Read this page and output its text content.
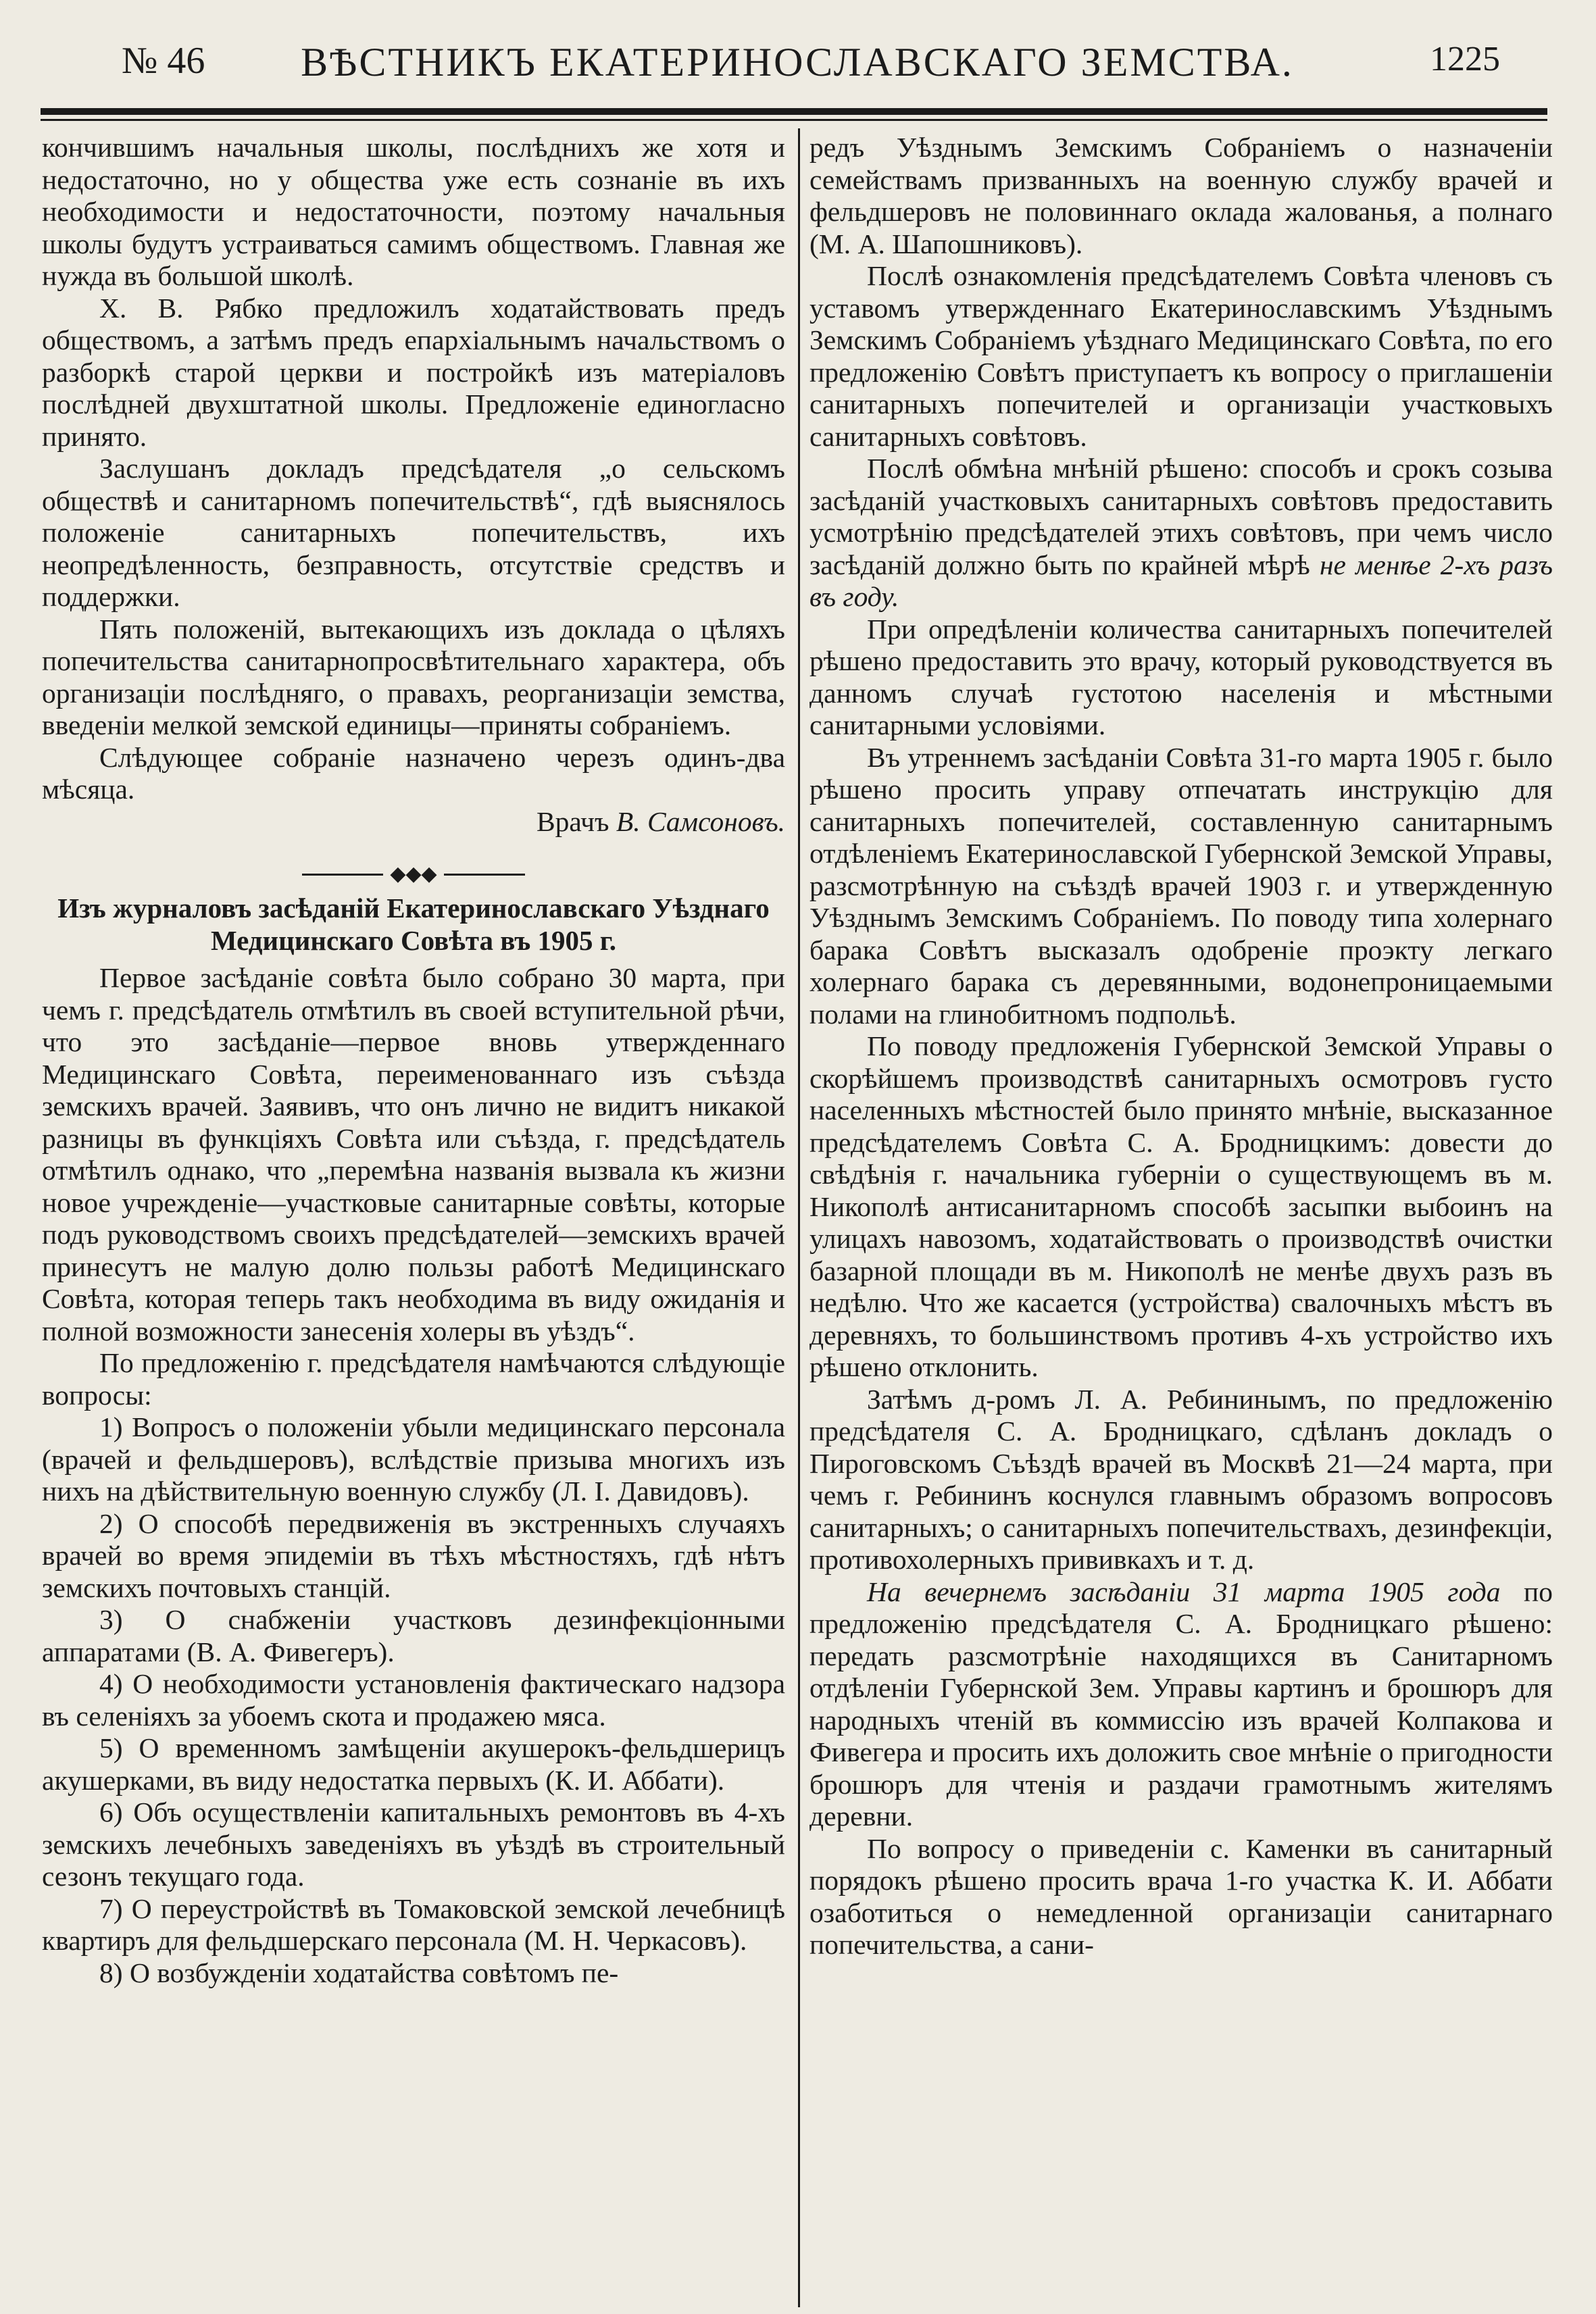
№ 46	ВѢСТНИКЪ ЕКАТЕРИНОСЛАВСКАГО ЗЕМСТВА.	1225

кончившимъ начальныя школы, послѣднихъ же хотя и недостаточно, но у общества уже есть сознаніе въ ихъ необходимости и недостаточности, поэтому начальныя школы будутъ устраиваться самимъ обществомъ. Главная же нужда въ большой школѣ.

Х. В. Рябко предложилъ ходатайствовать предъ обществомъ, а затѣмъ предъ епархіальнымъ начальствомъ о разборкѣ старой церкви и постройкѣ изъ матеріаловъ послѣдней двухштатной школы. Предложеніе единогласно принято.

Заслушанъ докладъ предсѣдателя „о сельскомъ обществѣ и санитарномъ попечительствѣ“, гдѣ выяснялось положеніе санитарныхъ попечительствъ, ихъ неопредѣленность, безправность, отсутствіе средствъ и поддержки.

Пять положеній, вытекающихъ изъ доклада о цѣляхъ попечительства санитарнопросвѣтительнаго характера, объ организаціи послѣдняго, о правахъ, реорганизаціи земства, введеніи мелкой земской единицы—приняты собраніемъ.

Слѣдующее собраніе назначено черезъ одинъ-два мѣсяца.

Врачъ В. Самсоновъ.

◆◆◆
Изъ журналовъ засѣданій Екатеринославскаго Уѣзднаго Медицинскаго Совѣта въ 1905 г.

Первое засѣданіе совѣта было собрано 30 марта, при чемъ г. предсѣдатель отмѣтилъ въ своей вступительной рѣчи, что это засѣданіе—первое вновь утвержденнаго Медицинскаго Совѣта, переименованнаго изъ съѣзда земскихъ врачей. Заявивъ, что онъ лично не видитъ никакой разницы въ функціяхъ Совѣта или съѣзда, г. предсѣдатель отмѣтилъ однако, что „перемѣна названія вызвала къ жизни новое учрежденіе—участковые санитарные совѣты, которые подъ руководствомъ своихъ предсѣдателей—земскихъ врачей принесутъ не малую долю пользы работѣ Медицинскаго Совѣта, которая теперь такъ необходима въ виду ожиданія и полной возможности занесенія холеры въ уѣздъ“.

По предложенію г. предсѣдателя намѣчаются слѣдующіе вопросы:

1) Вопросъ о положеніи убыли медицинскаго персонала (врачей и фельдшеровъ), вслѣдствіе призыва многихъ изъ нихъ на дѣйствительную военную службу (Л. І. Давидовъ).

2) О способѣ передвиженія въ экстренныхъ случаяхъ врачей во время эпидеміи въ тѣхъ мѣстностяхъ, гдѣ нѣтъ земскихъ почтовыхъ станцій.

3) О снабженіи участковъ дезинфекціонными аппаратами (В. А. Фивегеръ).

4) О необходимости установленія фактическаго надзора въ селеніяхъ за убоемъ скота и продажею мяса.

5) О временномъ замѣщеніи акушерокъ-фельдшерицъ акушерками, въ виду недостатка первыхъ (К. И. Аббати).

6) Объ осуществленіи капитальныхъ ремонтовъ въ 4-хъ земскихъ лечебныхъ заведеніяхъ въ уѣздѣ въ строительный сезонъ текущаго года.

7) О переустройствѣ въ Томаковской земской лечебницѣ квартиръ для фельдшерскаго персонала (М. Н. Черкасовъ).

8) О возбужденіи ходатайства совѣтомъ пе-

редъ Уѣзднымъ Земскимъ Собраніемъ о назначеніи семействамъ призванныхъ на военную службу врачей и фельдшеровъ не половиннаго оклада жалованья, а полнаго (М. А. Шапошниковъ).

Послѣ ознакомленія предсѣдателемъ Совѣта членовъ съ уставомъ утвержденнаго Екатеринославскимъ Уѣзднымъ Земскимъ Собраніемъ уѣзднаго Медицинскаго Совѣта, по его предложенію Совѣтъ приступаетъ къ вопросу о приглашеніи санитарныхъ попечителей и организаціи участковыхъ санитарныхъ совѣтовъ.

Послѣ обмѣна мнѣній рѣшено: способъ и срокъ созыва засѣданій участковыхъ санитарныхъ совѣтовъ предоставить усмотрѣнію предсѣдателей этихъ совѣтовъ, при чемъ число засѣданій должно быть по крайней мѣрѣ не менѣе 2-хъ разъ въ году.

При опредѣленіи количества санитарныхъ попечителей рѣшено предоставить это врачу, который руководствуется въ данномъ случаѣ густотою населенія и мѣстными санитарными условіями.

Въ утреннемъ засѣданіи Совѣта 31-го марта 1905 г. было рѣшено просить управу отпечатать инструкцію для санитарныхъ попечителей, составленную санитарнымъ отдѣленіемъ Екатеринославской Губернской Земской Управы, разсмотрѣнную на съѣздѣ врачей 1903 г. и утвержденную Уѣзднымъ Земскимъ Собраніемъ. По поводу типа холернаго барака Совѣтъ высказалъ одобреніе проэкту легкаго холернаго барака съ деревянными, водонепроницаемыми полами на глинобитномъ подпольѣ.

По поводу предложенія Губернской Земской Управы о скорѣйшемъ производствѣ санитарныхъ осмотровъ густо населенныхъ мѣстностей было принято мнѣніе, высказанное предсѣдателемъ Совѣта С. А. Бродницкимъ: довести до свѣдѣнія г. начальника губерніи о существующемъ въ м. Никополѣ антисанитарномъ способѣ засыпки выбоинъ на улицахъ навозомъ, ходатайствовать о производствѣ очистки базарной площади въ м. Никополѣ не менѣе двухъ разъ въ недѣлю. Что же касается (устройства) свалочныхъ мѣстъ въ деревняхъ, то большинствомъ противъ 4-хъ устройство ихъ рѣшено отклонить.

Затѣмъ д-ромъ Л. А. Ребининымъ, по предложенію предсѣдателя С. А. Бродницкаго, сдѣланъ докладъ о Пироговскомъ Съѣздѣ врачей въ Москвѣ 21—24 марта, при чемъ г. Ребининъ коснулся главнымъ образомъ вопросовъ санитарныхъ; о санитарныхъ попечительствахъ, дезинфекціи, противохолерныхъ прививкахъ и т. д.

На вечернемъ засѣданіи 31 марта 1905 года по предложенію предсѣдателя С. А. Бродницкаго рѣшено: передать разсмотрѣніе находящихся въ Санитарномъ отдѣленіи Губернской Зем. Управы картинъ и брошюръ для народныхъ чтеній въ коммиссію изъ врачей Колпакова и Фивегера и просить ихъ доложить свое мнѣніе о пригодности брошюръ для чтенія и раздачи грамотнымъ жителямъ деревни.

По вопросу о приведеніи с. Каменки въ санитарный порядокъ рѣшено просить врача 1-го участка К. И. Аббати озаботиться о немедленной организаціи санитарнаго попечительства, а сани-
